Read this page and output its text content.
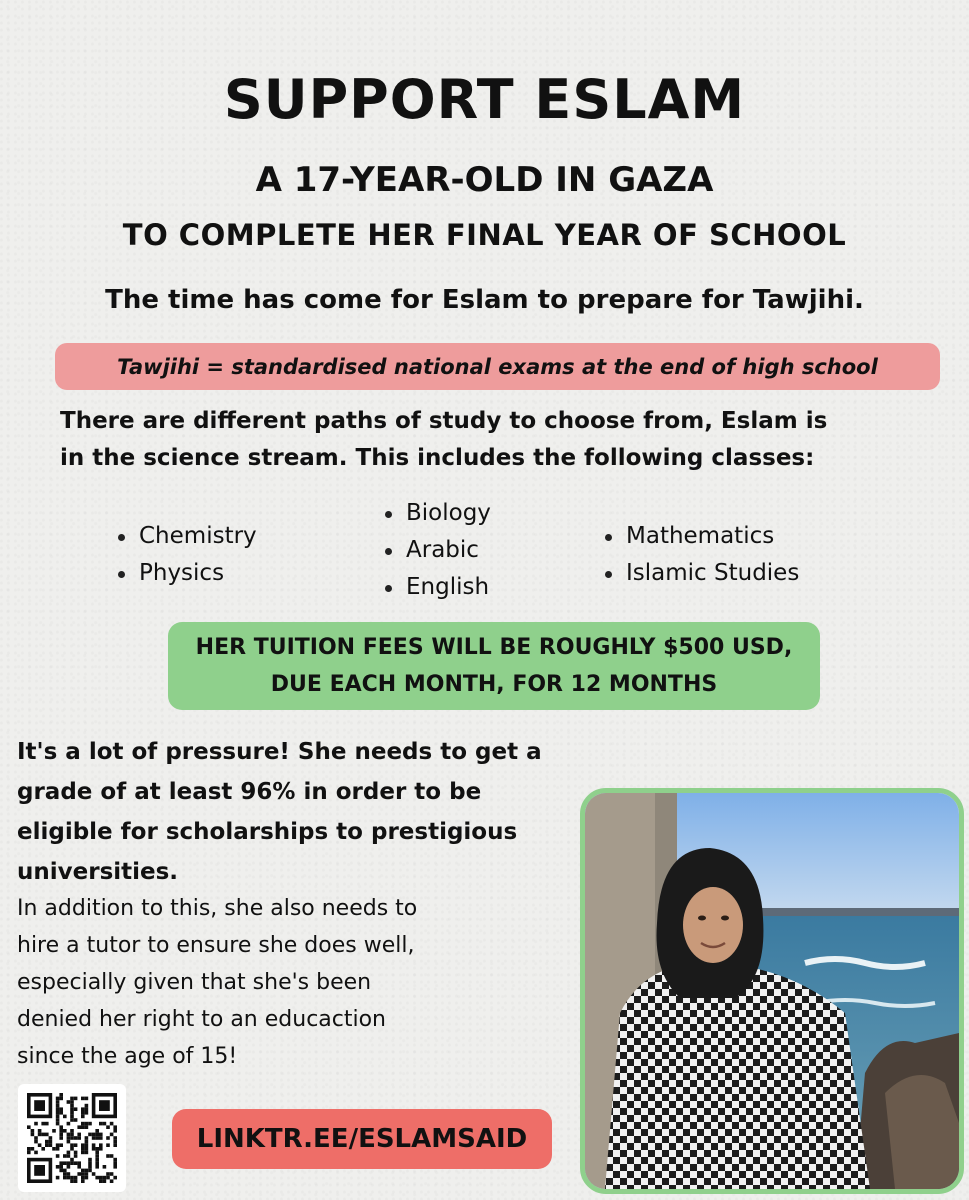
SUPPORT ESLAM
A 17-YEAR-OLD IN GAZA
TO COMPLETE HER FINAL YEAR OF SCHOOL
The time has come for Eslam to prepare for Tawjihi.
Tawjihi = standardised national exams at the end of high school
There are different paths of study to choose from, Eslam is
in the science stream. This includes the following classes:
Chemistry
Physics
Biology
Arabic
English
Mathematics
Islamic Studies
HER TUITION FEES WILL BE ROUGHLY $500 USD,
DUE EACH MONTH, FOR 12 MONTHS
It's a lot of pressure! She needs to get a
grade of at least 96% in order to be
eligible for scholarships to prestigious
universities.
In addition to this, she also needs to
hire a tutor to ensure she does well,
especially given that she's been
denied her right to an educaction
since the age of 15!
LINKTR.EE/ESLAMSAID
